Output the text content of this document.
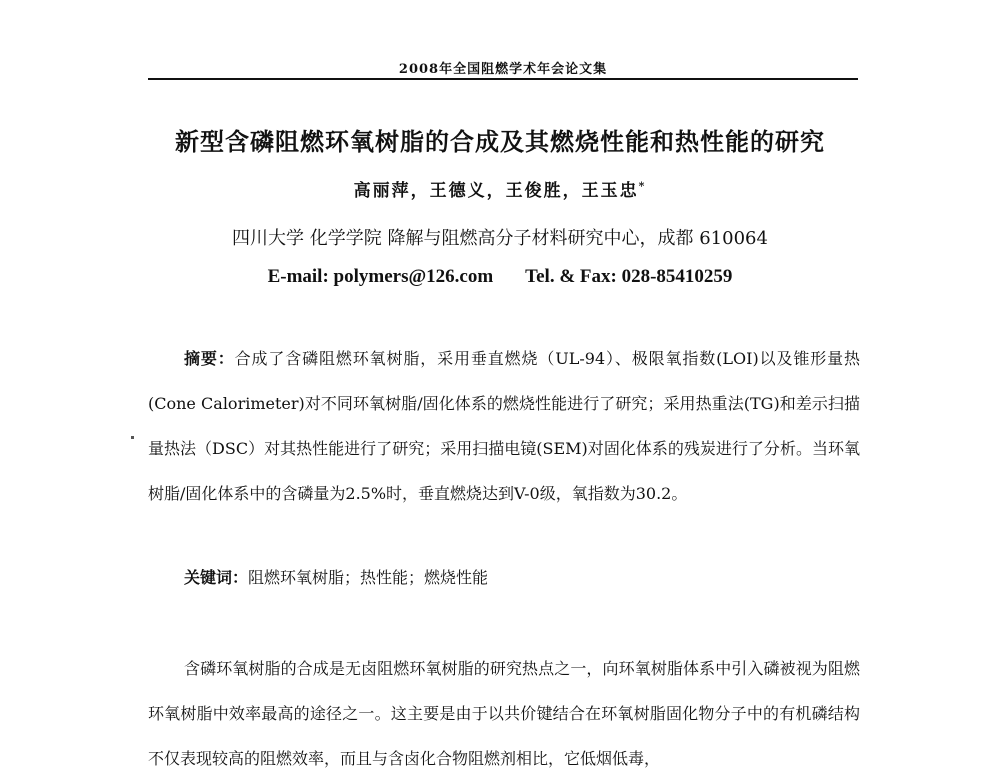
2008年全国阻燃学术年会论文集
新型含磷阻燃环氧树脂的合成及其燃烧性能和热性能的研究
高丽萍，王德义，王俊胜，王玉忠*
四川大学 化学学院 降解与阻燃高分子材料研究中心，成都 610064
E-mail: polymers@126.com Tel. & Fax: 028-85410259
摘要：合成了含磷阻燃环氧树脂，采用垂直燃烧（UL-94）、极限氧指数(LOI)以及锥形量热(Cone Calorimeter)对不同环氧树脂/固化体系的燃烧性能进行了研究；采用热重法(TG)和差示扫描量热法（DSC）对其热性能进行了研究；采用扫描电镜(SEM)对固化体系的残炭进行了分析。当环氧树脂/固化体系中的含磷量为2.5%时，垂直燃烧达到V-0级，氧指数为30.2。
关键词：阻燃环氧树脂；热性能；燃烧性能
含磷环氧树脂的合成是无卤阻燃环氧树脂的研究热点之一，向环氧树脂体系中引入磷被视为阻燃环氧树脂中效率最高的途径之一。这主要是由于以共价键结合在环氧树脂固化物分子中的有机磷结构不仅表现较高的阻燃效率，而且与含卤化合物阻燃剂相比，它低烟低毒，
